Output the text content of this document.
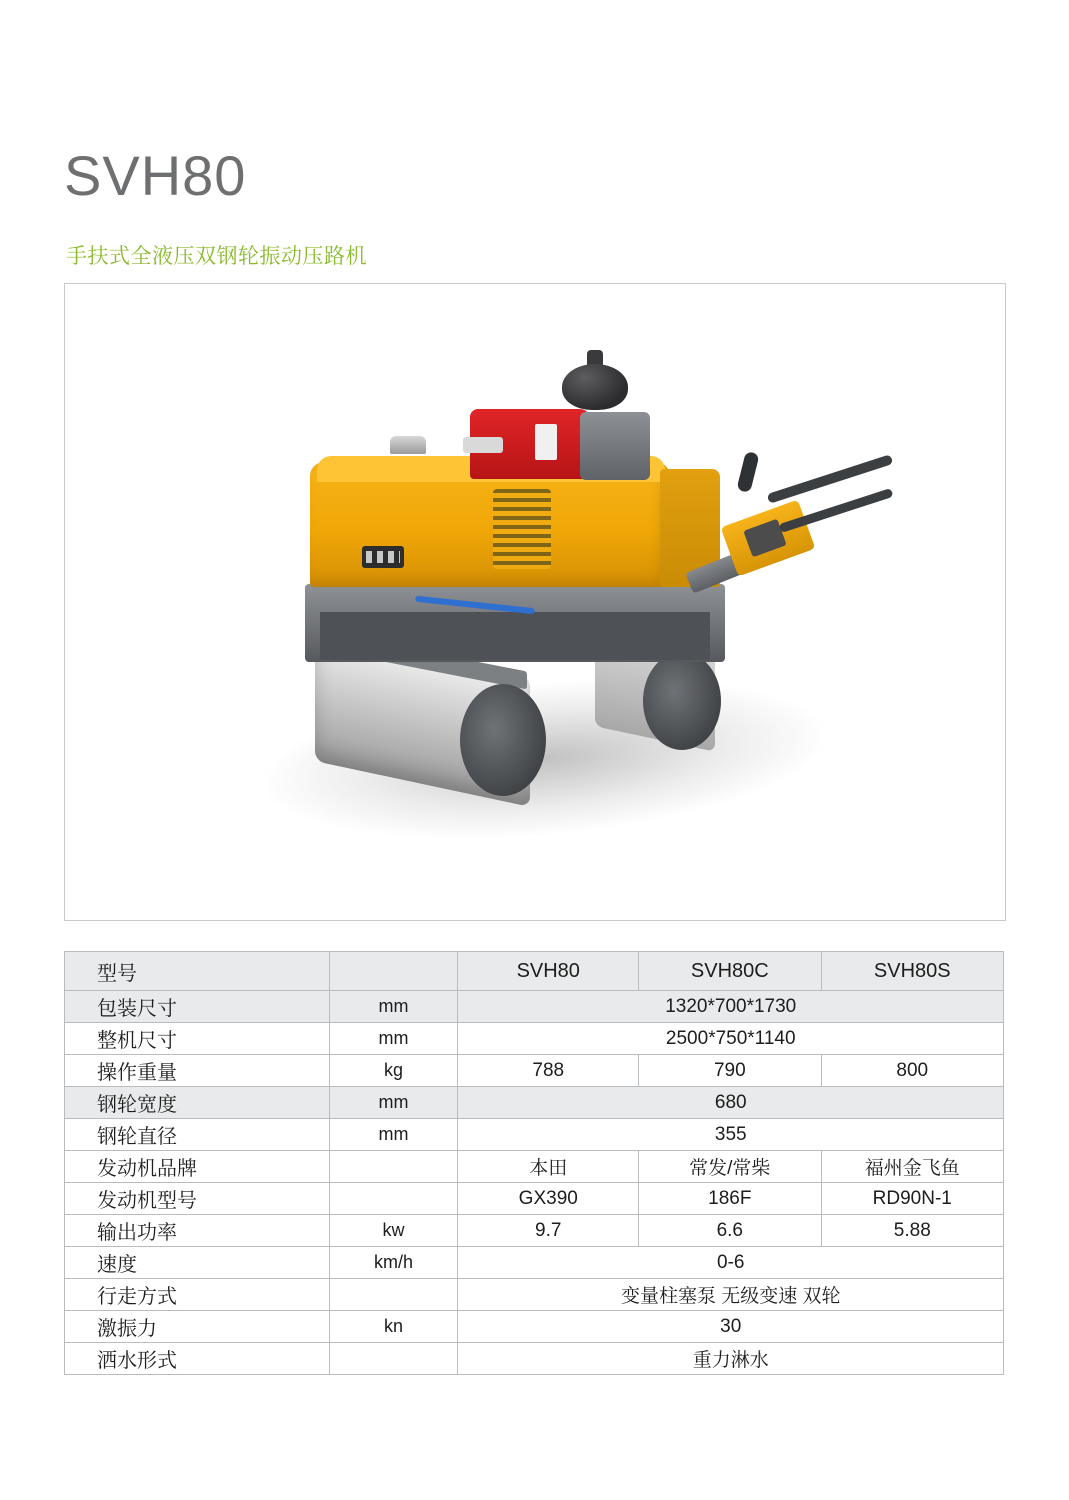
SVH80
手扶式全液压双钢轮振动压路机
型号		SVH80	SVH80C	SVH80S
包装尺寸	mm	1320*700*1730		
整机尺寸	mm	2500*750*1140		
操作重量	kg	788	790	800
钢轮宽度	mm	680		
钢轮直径	mm	355		
发动机品牌		本田	常发/常柴	福州金飞鱼
发动机型号		GX390	186F	RD90N-1
输出功率	kw	9.7	6.6	5.88
速度	km/h	0-6		
行走方式		变量柱塞泵 无级变速 双轮		
激振力	kn	30		
洒水形式		重力淋水		
